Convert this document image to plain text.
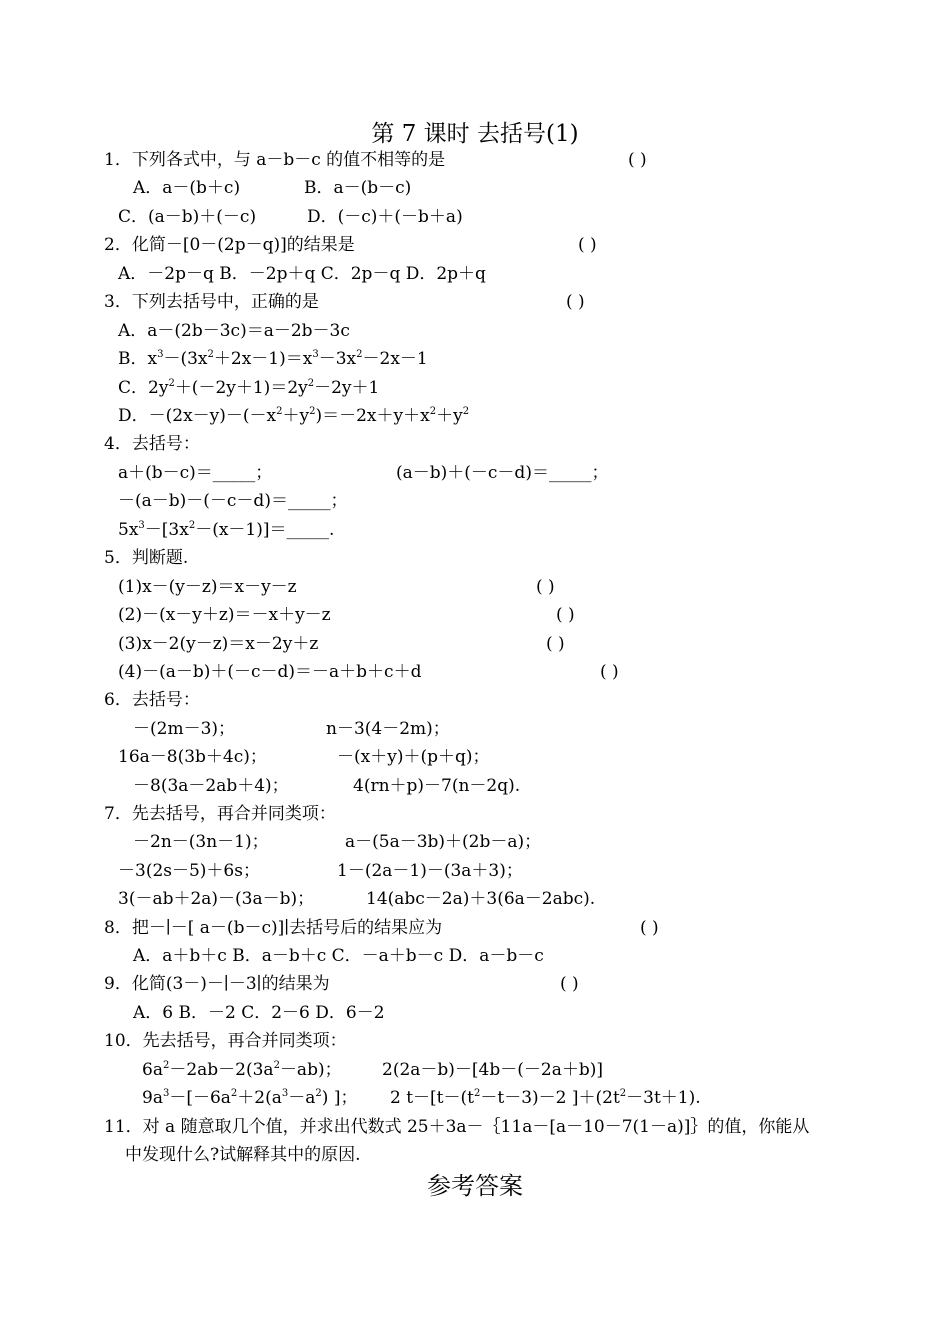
第 7 课时 去括号(1)
1．下列各式中，与 a－b－c 的值不相等的是	( )
A．a－(b＋c)	B．a－(b－c)
C．(a－b)＋(－c)	D．(－c)＋(－b＋a)
2．化简－[0－(2p－q)]的结果是	( )
A．－2p－q B．－2p＋q C．2p－q D．2p＋q
3．下列去括号中，正确的是	( )
A．a－(2b－3c)＝a－2b－3c
B．$x^3-(3x^2+2x-1)=x^3-3x^2-2x-1$
C．$2y^2+(-2y+1)=2y^2-2y+1$
D．$-(2x-y)-(-x^2+y^2)=-2x+y+x^2+y^2$
4．去括号：
a＋(b－c)＝_____；	(a－b)＋(－c－d)＝_____；
－(a－b)－(－c－d)＝_____；
$5x^3-[3x^2-(x-1)]=\_\_\_\_\_$.
5．判断题.
(1)x－(y－z)＝x－y－z	( )
(2)－(x－y＋z)＝－x＋y－z	( )
(3)x－2(y－z)＝x－2y＋z	( )
(4)－(a－b)＋(－c－d)＝－a＋b＋c＋d	( )
6．去括号：
－(2m－3)；	n－3(4－2m)；
16a－8(3b＋4c)；	－(x＋y)＋(p＋q)；
－8(3a－2ab＋4)；	4(rn＋p)－7(n－2q).
7．先去括号，再合并同类项：
－2n－(3n－1)；	a－(5a－3b)＋(2b－a)；
－3(2s－5)＋6s；	1－(2a－1)－(3a＋3)；
3(－ab＋2a)－(3a－b)；	14(abc－2a)＋3(6a－2abc).
8．把－∣－[ a－(b－c)]∣去括号后的结果应为	( )
A．a＋b＋c B．a－b＋c C．－a＋b－c D．a－b－c
9．化简(3－)－∣－3∣的结果为	( )
A．6 B．－2 C．2－6 D．6－2
10．先去括号，再合并同类项：
$6a^2-2ab-2(3a^2-ab)$； 2(2a－b)－[4b－(－2a＋b)]
$9a^3-[-6a^2+2(a^3-a^2)$ ]； 2 $t-[t-(t^2-t-3)-2$ ]$+(2t^2-3t+1)$.
11．对 a 随意取几个值，并求出代数式 25＋3a－｛11a－[a－10－7(1－a)]｝的值，你能从
中发现什么?试解释其中的原因.
参考答案
